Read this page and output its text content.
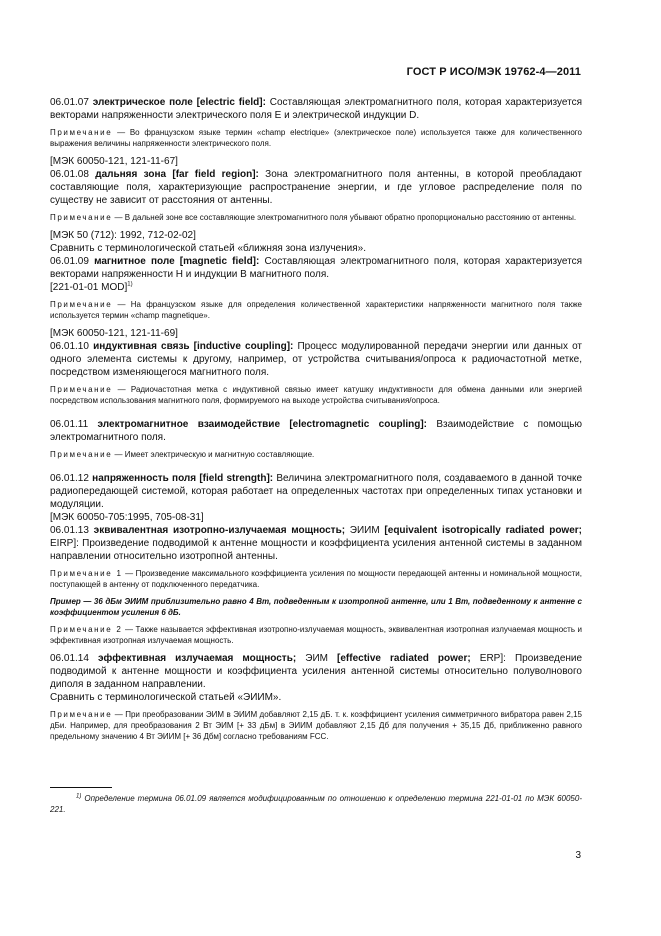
ГОСТ Р ИСО/МЭК 19762-4—2011

06.01.07 электрическое поле [electric field]: Составляющая электромагнитного поля, которая характеризуется векторами напряженности электрического поля E и электрической индукции D.

Примечание — Во французском языке термин «champ electrique» (электрическое поле) используется также для количественного выражения величины напряженности электрического поля.

[МЭК 60050-121, 121-11-67]

06.01.08 дальняя зона [far field region]: Зона электромагнитного поля антенны, в которой преобладают составляющие поля, характеризующие распространение энергии, и где угловое распределение поля по существу не зависит от расстояния от антенны.

Примечание — В дальней зоне все составляющие электромагнитного поля убывают обратно пропорционально расстоянию от антенны.

[МЭК 50 (712): 1992, 712-02-02]

Сравнить с терминологической статьей «ближняя зона излучения».

06.01.09 магнитное поле [magnetic field]: Составляющая электромагнитного поля, которая характеризуется векторами напряженности H и индукции B магнитного поля.

[221-01-01 MOD]$^{1)}$

Примечание — На французском языке для определения количественной характеристики напряженности магнитного поля также используется термин «champ magnetique».

[МЭК 60050-121, 121-11-69]

06.01.10 индуктивная связь [inductive coupling]: Процесс модулированной передачи энергии или данных от одного элемента системы к другому, например, от устройства считывания/опроса к радиочастотной метке, посредством изменяющегося магнитного поля.

Примечание — Радиочастотная метка с индуктивной связью имеет катушку индуктивности для обмена данными или энергией посредством использования магнитного поля, формируемого на выходе устройства считывания/опроса.

06.01.11 электромагнитное взаимодействие [electromagnetic coupling]: Взаимодействие с помощью электромагнитного поля.

Примечание — Имеет электрическую и магнитную составляющие.

06.01.12 напряженность поля [field strength]: Величина электромагнитного поля, создаваемого в данной точке радиопередающей системой, которая работает на определенных частотах при определенных типах установки и модуляции.

[МЭК 60050-705:1995, 705-08-31]

06.01.13 эквивалентная изотропно-излучаемая мощность; ЭИИМ [equivalent isotropically radiated power; EIRP]: Произведение подводимой к антенне мощности и коэффициента усиления антенной системы в заданном направлении относительно изотропной антенны.

Примечание 1 — Произведение максимального коэффициента усиления по мощности передающей антенны и номинальной мощности, поступающей в антенну от подключенного передатчика.

Пример — 36 дБм ЭИИМ приблизительно равно 4 Вт, подведенным к изотропной антенне, или 1 Вт, подведенному к антенне с коэффициентом усиления 6 дБ.

Примечание 2 — Также называется эффективная изотропно-излучаемая мощность, эквивалентная изотропная излучаемая мощность и эффективная изотропная излучаемая мощность.

06.01.14 эффективная излучаемая мощность; ЭИМ [effective radiated power; ERP]: Произведение подводимой к антенне мощности и коэффициента усиления антенной системы относительно полуволнового диполя в заданном направлении.

Сравнить с терминологической статьей «ЭИИМ».

Примечание — При преобразовании ЭИМ в ЭИИМ добавляют 2,15 дБ. т. к. коэффициент усиления симметричного вибратора равен 2,15 дБи. Например, для преобразования 2 Вт ЭИМ [+ 33 дБм] в ЭИИМ добавляют 2,15 Дб для получения + 35,15 Дб, приближенно равного предельному значению 4 Вт ЭИИМ [+ 36 Дбм] согласно требованиям FCC.

$^{1)}$ Определение термина 06.01.09 является модифицированным по отношению к определению термина 221-01-01 по МЭК 60050-221.
3
